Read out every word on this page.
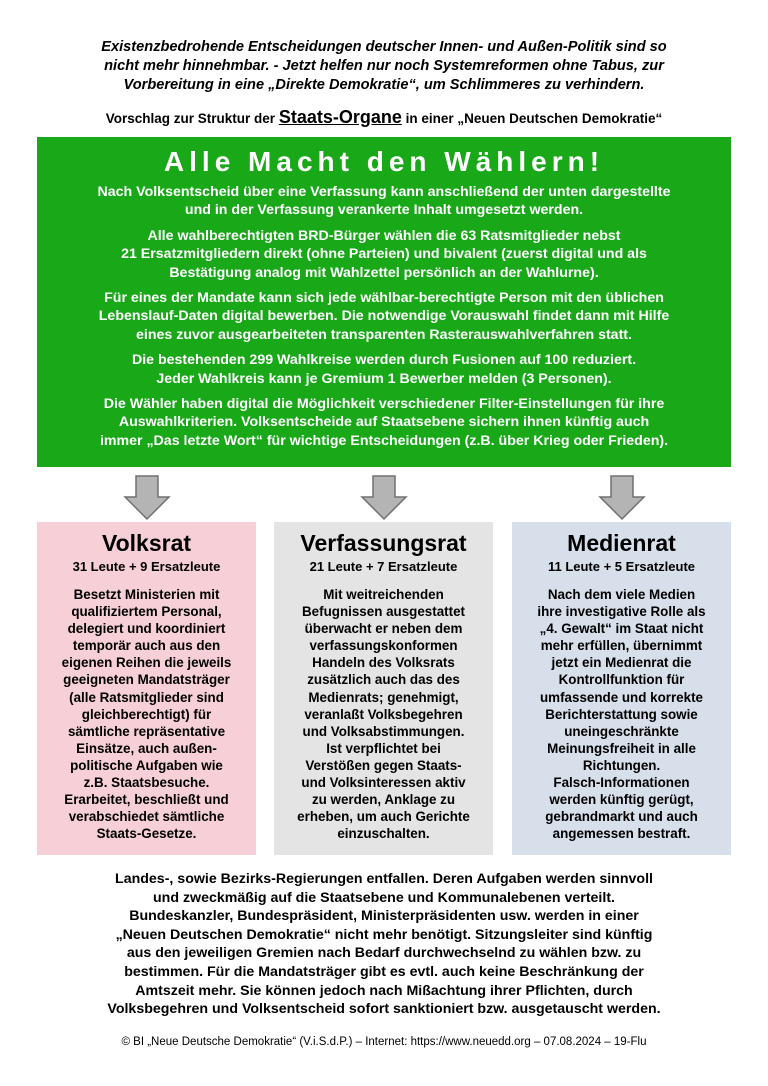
Existenzbedrohende Entscheidungen deutscher Innen- und Außen-Politik sind so
nicht mehr hinnehmbar. - Jetzt helfen nur noch Systemreformen ohne Tabus, zur
Vorbereitung in eine „Direkte Demokratie“, um Schlimmeres zu verhindern.
Vorschlag zur Struktur der Staats-Organe in einer „Neuen Deutschen Demokratie“
Alle Macht den Wählern!

Nach Volksentscheid über eine Verfassung kann anschließend der unten dargestellte
und in der Verfassung verankerte Inhalt umgesetzt werden.

Alle wahlberechtigten BRD-Bürger wählen die 63 Ratsmitglieder nebst
21 Ersatzmitgliedern direkt (ohne Parteien) und bivalent (zuerst digital und als
Bestätigung analog mit Wahlzettel persönlich an der Wahlurne).

Für eines der Mandate kann sich jede wählbar-berechtigte Person mit den üblichen
Lebenslauf-Daten digital bewerben. Die notwendige Vorauswahl findet dann mit Hilfe
eines zuvor ausgearbeiteten transparenten Rasterauswahlverfahren statt.

Die bestehenden 299 Wahlkreise werden durch Fusionen auf 100 reduziert.
Jeder Wahlkreis kann je Gremium 1 Bewerber melden (3 Personen).

Die Wähler haben digital die Möglichkeit verschiedener Filter-Einstellungen für ihre
Auswahlkriterien. Volksentscheide auf Staatsebene sichern ihnen künftig auch
immer „Das letzte Wort“ für wichtige Entscheidungen (z.B. über Krieg oder Frieden).

Volksrat
31 Leute + 9 Ersatzleute
Besetzt Ministerien mit
qualifiziertem Personal,
delegiert und koordiniert
temporär auch aus den
eigenen Reihen die jeweils
geeigneten Mandatsträger
(alle Ratsmitglieder sind
gleichberechtigt) für
sämtliche repräsentative
Einsätze, auch außen-
politische Aufgaben wie
z.B. Staatsbesuche.
Erarbeitet, beschließt und
verabschiedet sämtliche
Staats-Gesetze.
Verfassungsrat
21 Leute + 7 Ersatzleute
Mit weitreichenden
Befugnissen ausgestattet
überwacht er neben dem
verfassungskonformen
Handeln des Volksrats
zusätzlich auch das des
Medienrats; genehmigt,
veranlaßt Volksbegehren
und Volksabstimmungen.
Ist verpflichtet bei
Verstößen gegen Staats-
und Volksinteressen aktiv
zu werden, Anklage zu
erheben, um auch Gerichte
einzuschalten.
Medienrat
11 Leute + 5 Ersatzleute
Nach dem viele Medien
ihre investigative Rolle als
„4. Gewalt“ im Staat nicht
mehr erfüllen, übernimmt
jetzt ein Medienrat die
Kontrollfunktion für
umfassende und korrekte
Berichterstattung sowie
uneingeschränkte
Meinungsfreiheit in alle
Richtungen.
Falsch-Informationen
werden künftig gerügt,
gebrandmarkt und auch
angemessen bestraft.
Landes-, sowie Bezirks-Regierungen entfallen. Deren Aufgaben werden sinnvoll
und zweckmäßig auf die Staatsebene und Kommunalebenen verteilt.
Bundeskanzler, Bundespräsident, Ministerpräsidenten usw. werden in einer
„Neuen Deutschen Demokratie“ nicht mehr benötigt. Sitzungsleiter sind künftig
aus den jeweiligen Gremien nach Bedarf durchwechselnd zu wählen bzw. zu
bestimmen. Für die Mandatsträger gibt es evtl. auch keine Beschränkung der
Amtszeit mehr. Sie können jedoch nach Mißachtung ihrer Pflichten, durch
Volksbegehren und Volksentscheid sofort sanktioniert bzw. ausgetauscht werden.
© BI „Neue Deutsche Demokratie“ (V.i.S.d.P.) – Internet: https://www.neuedd.org – 07.08.2024 – 19-Flu
